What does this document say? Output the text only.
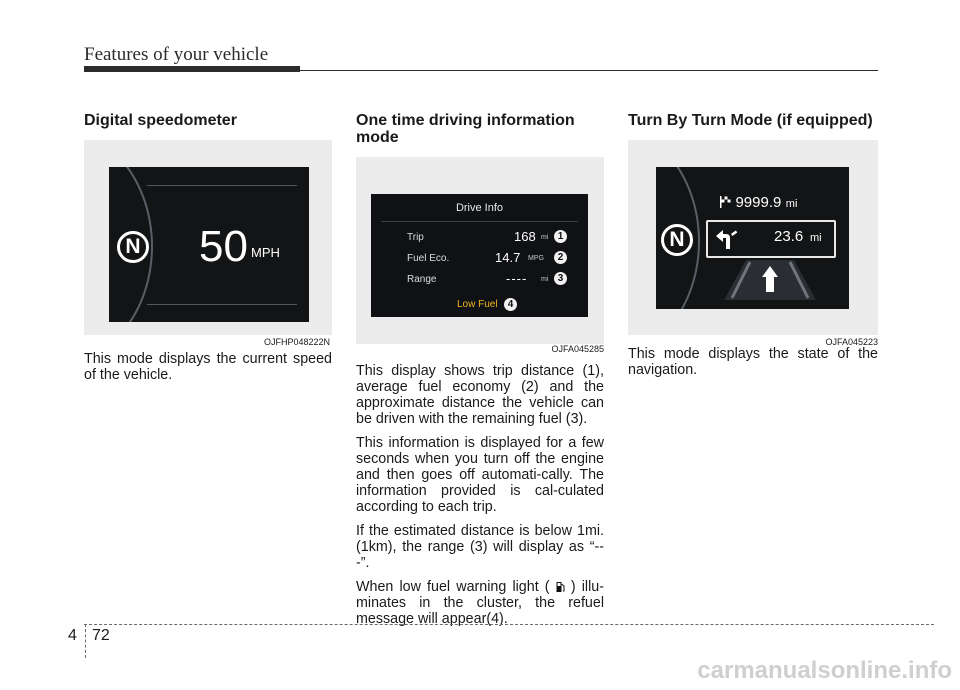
Features of your vehicle
Digital speedometer
N 50 MPH
OJFHP048222N

This mode displays the current speed of the vehicle.

One time driving information mode
Drive Info
Trip	168 mi 1
Fuel Eco.	14.7 MPG	2
Range	---- mi 3
Low Fuel 4
OJFA045285

This display shows trip distance (1), average fuel economy (2) and the approximate distance the vehicle can be driven with the remaining fuel (3).

This information is displayed for a few seconds when you turn off the engine and then goes off automati-cally. The information provided is cal-culated according to each trip.

If the estimated distance is below 1mi. (1km), the range (3) will display as “---”.

When low fuel warning light ( ) illu-minates in the cluster, the refuel message will appear(4).

Turn By Turn Mode (if equipped)
N
9999.9 mi
23.6 mi
OJFA045223

This mode displays the state of the navigation.

4 72
carmanualsonline.info
